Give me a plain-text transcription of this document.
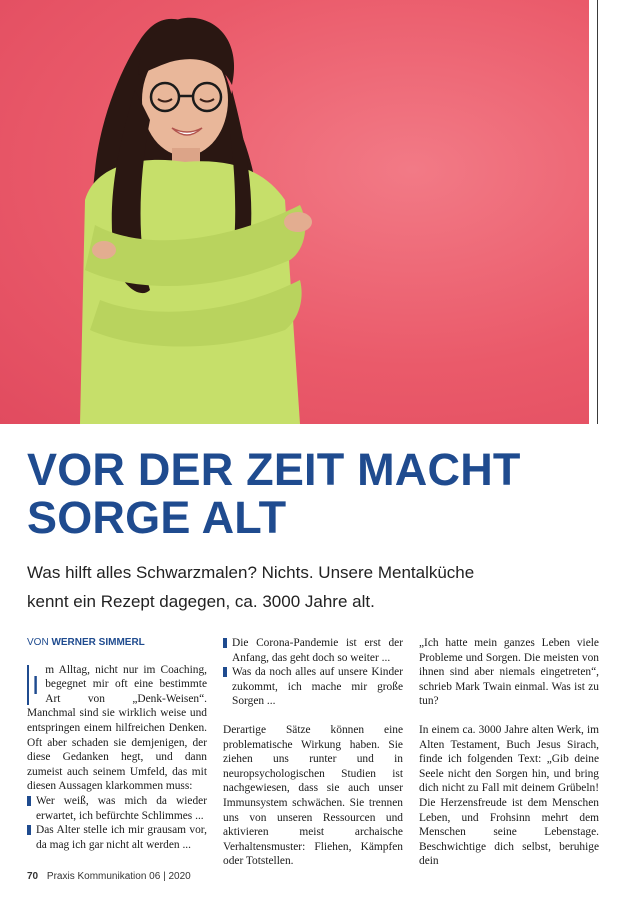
VOR DER ZEIT MACHT
SORGE ALT
Was hilft alles Schwarzmalen? Nichts. Unsere Mentalküche
kennt ein Rezept dagegen, ca. 3000 Jahre alt.
VON WERNER SIMMERL

I m Alltag, nicht nur im Coaching, begegnet mir oft eine bestimmte Art von „Denk-Weisen“. Manchmal sind sie wirklich weise und entspringen einem hilfreichen Denken. Oft aber schaden sie demjenigen, der diese Gedanken hegt, und dann zumeist auch seinem Umfeld, das mit diesen Aussagen klarkommen muss:

Wer weiß, was mich da wieder erwartet, ich befürchte Schlimmes ...

Das Alter stelle ich mir grausam vor, da mag ich gar nicht alt werden ...

Die Corona-Pandemie ist erst der Anfang, das geht doch so weiter ...

Was da noch alles auf unsere Kinder zukommt, ich mache mir große Sorgen ...

Derartige Sätze können eine problematische Wirkung haben. Sie ziehen uns runter und in neuropsychologischen Studien ist nachgewiesen, dass sie auch unser Immunsystem schwächen. Sie trennen uns von unseren Ressourcen und aktivieren meist archaische Verhaltensmuster: Fliehen, Kämpfen oder Totstellen.

„Ich hatte mein ganzes Leben viele Probleme und Sorgen. Die meisten von ihnen sind aber niemals eingetreten“, schrieb Mark Twain einmal. Was ist zu tun?

In einem ca. 3000 Jahre alten Werk, im Alten Testament, Buch Jesus Sirach, finde ich folgenden Text: „Gib deine Seele nicht den Sorgen hin, und bring dich nicht zu Fall mit deinem Grübeln! Die Herzensfreude ist dem Menschen Leben, und Frohsinn mehrt dem Menschen seine Lebenstage. Beschwichtige dich selbst, beruhige dein

70 Praxis Kommunikation 06 | 2020
